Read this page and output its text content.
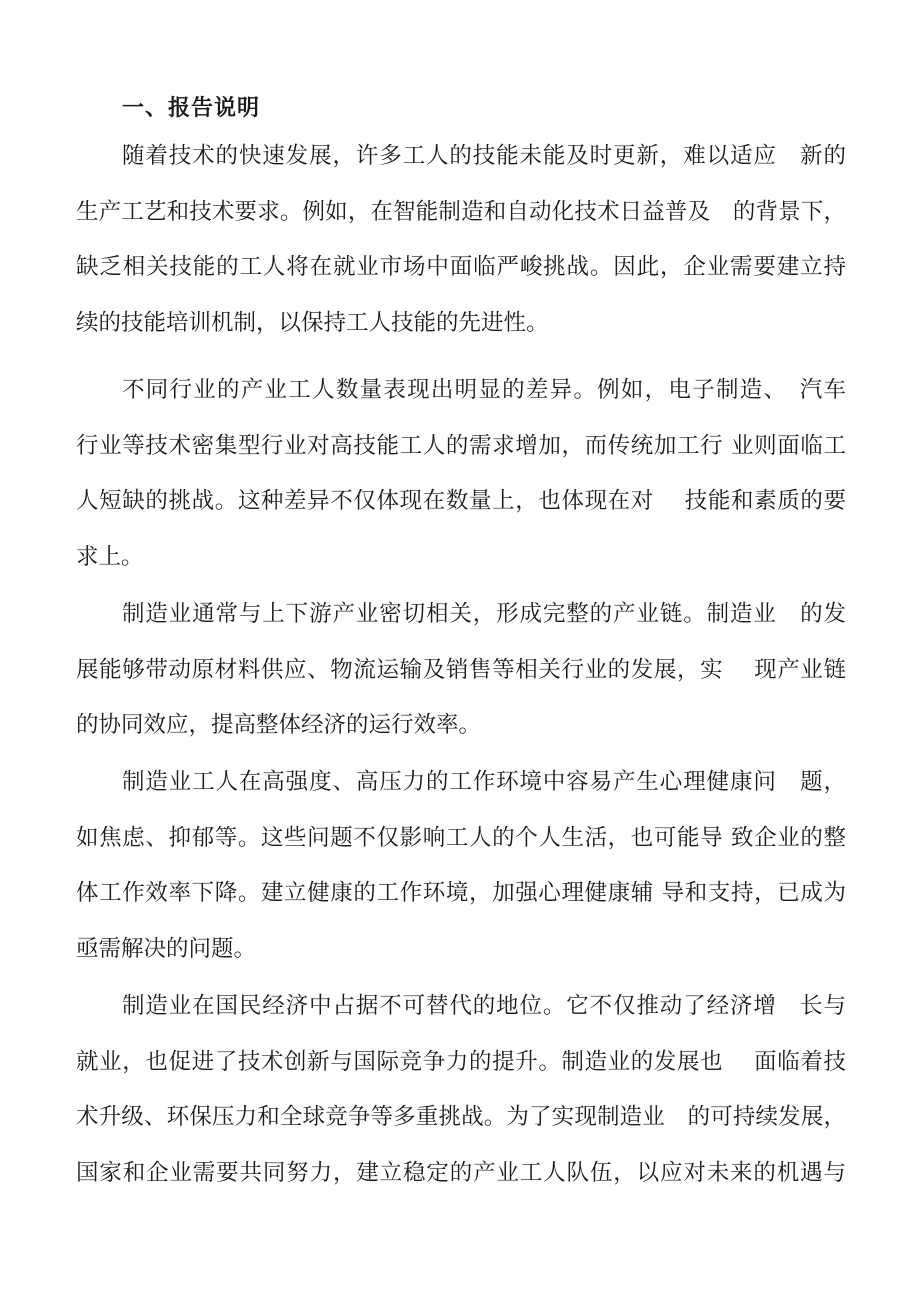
一、报告说明
随着技术的快速发展，许多工人的技能未能及时更新，难以适应　新的
生产工艺和技术要求。例如，在智能制造和自动化技术日益普及　的背景下，
缺乏相关技能的工人将在就业市场中面临严峻挑战。因此，企业需要建立持
续的技能培训机制，以保持工人技能的先进性。
不同行业的产业工人数量表现出明显的差异。例如，电子制造、　汽车
行业等技术密集型行业对高技能工人的需求增加，而传统加工行 业则面临工
人短缺的挑战。这种差异不仅体现在数量上，也体现在对　 技能和素质的要
求上。
制造业通常与上下游产业密切相关，形成完整的产业链。制造业　的发
展能够带动原材料供应、物流运输及销售等相关行业的发展，实　 现产业链
的协同效应，提高整体经济的运行效率。
制造业工人在高强度、高压力的工作环境中容易产生心理健康问　题，
如焦虑、抑郁等。这些问题不仅影响工人的个人生活，也可能导 致企业的整
体工作效率下降。建立健康的工作环境，加强心理健康辅 导和支持，已成为
亟需解决的问题。
制造业在国民经济中占据不可替代的地位。它不仅推动了经济增　长与
就业，也促进了技术创新与国际竞争力的提升。制造业的发展也　 面临着技
术升级、环保压力和全球竞争等多重挑战。为了实现制造业　的可持续发展，
国家和企业需要共同努力，建立稳定的产业工人队伍，以应对未来的机遇与
